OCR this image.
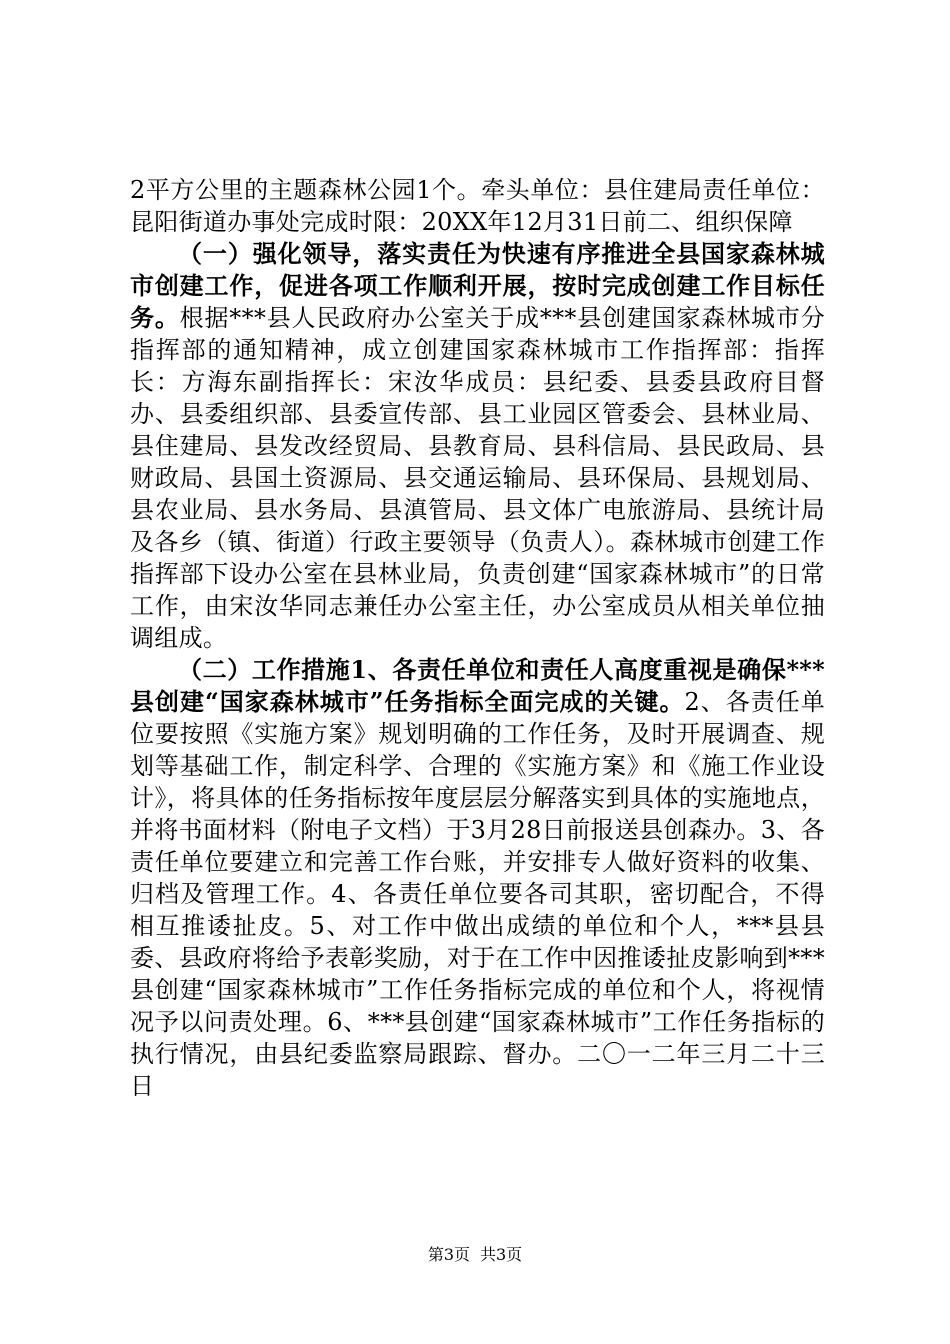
2平方公里的主题森林公园1个。牵头单位：县住建局责任单位：昆阳街道办事处完成时限：20XX年12月31日前二、组织保障

（一）强化领导，落实责任为快速有序推进全县国家森林城市创建工作，促进各项工作顺利开展，按时完成创建工作目标任务。根据***县人民政府办公室关于成***县创建国家森林城市分指挥部的通知精神，成立创建国家森林城市工作指挥部：指挥长：方海东副指挥长：宋汝华成员：县纪委、县委县政府目督办、县委组织部、县委宣传部、县工业园区管委会、县林业局、县住建局、县发改经贸局、县教育局、县科信局、县民政局、县财政局、县国土资源局、县交通运输局、县环保局、县规划局、县农业局、县水务局、县滇管局、县文体广电旅游局、县统计局及各乡（镇、街道）行政主要领导（负责人）。森林城市创建工作指挥部下设办公室在县林业局，负责创建“国家森林城市”的日常工作，由宋汝华同志兼任办公室主任，办公室成员从相关单位抽调组成。

（二）工作措施1、各责任单位和责任人高度重视是确保***县创建“国家森林城市”任务指标全面完成的关键。2、各责任单位要按照《实施方案》规划明确的工作任务，及时开展调查、规划等基础工作，制定科学、合理的《实施方案》和《施工作业设计》，将具体的任务指标按年度层层分解落实到具体的实施地点，并将书面材料（附电子文档）于3月28日前报送县创森办。3、各责任单位要建立和完善工作台账，并安排专人做好资料的收集、归档及管理工作。4、各责任单位要各司其职，密切配合，不得相互推诿扯皮。5、对工作中做出成绩的单位和个人，***县县委、县政府将给予表彰奖励，对于在工作中因推诿扯皮影响到***县创建“国家森林城市”工作任务指标完成的单位和个人，将视情况予以问责处理。6、***县创建“国家森林城市”工作任务指标的执行情况，由县纪委监察局跟踪、督办。二〇一二年三月二十三日

第3页 共3页
